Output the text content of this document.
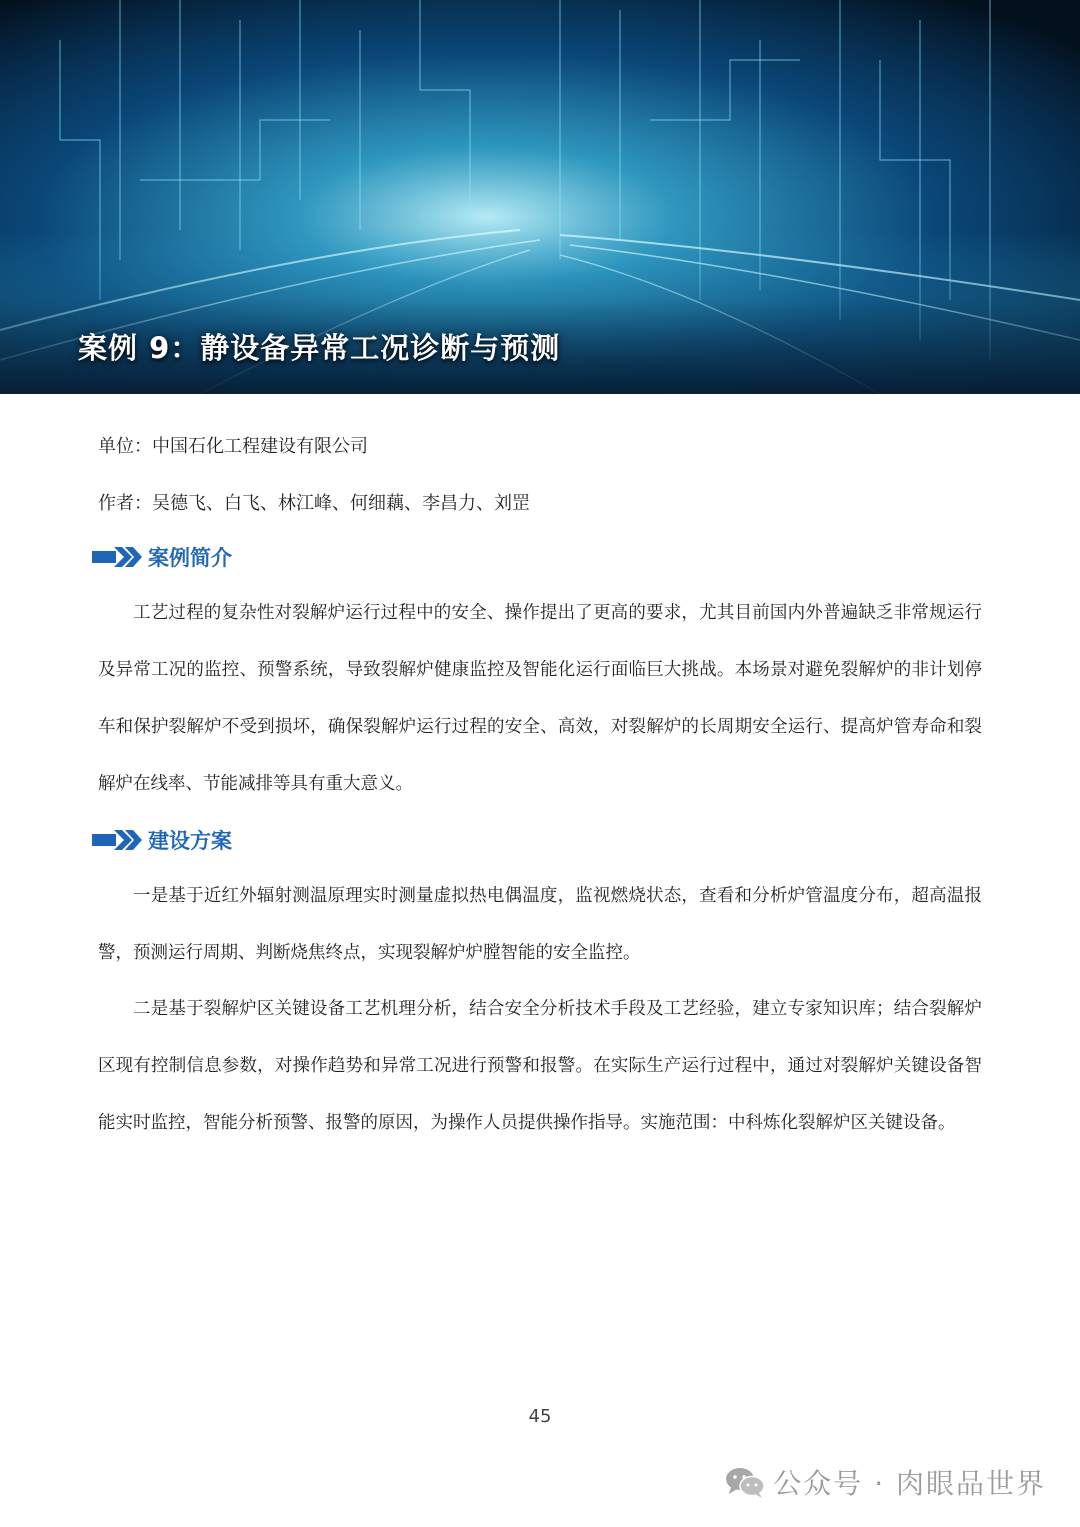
案例 9：静设备异常工况诊断与预测
单位：中国石化工程建设有限公司
作者：吴德飞、白飞、林江峰、何细藕、李昌力、刘罡
案例简介

工艺过程的复杂性对裂解炉运行过程中的安全、操作提出了更高的要求，尤其目前国内外普遍缺乏非常规运行及异常工况的监控、预警系统，导致裂解炉健康监控及智能化运行面临巨大挑战。本场景对避免裂解炉的非计划停车和保护裂解炉不受到损坏，确保裂解炉运行过程的安全、高效，对裂解炉的长周期安全运行、提高炉管寿命和裂解炉在线率、节能减排等具有重大意义。

建设方案

一是基于近红外辐射测温原理实时测量虚拟热电偶温度，监视燃烧状态，查看和分析炉管温度分布，超高温报警，预测运行周期、判断烧焦终点，实现裂解炉炉膛智能的安全监控。

二是基于裂解炉区关键设备工艺机理分析，结合安全分析技术手段及工艺经验，建立专家知识库；结合裂解炉区现有控制信息参数，对操作趋势和异常工况进行预警和报警。在实际生产运行过程中，通过对裂解炉关键设备智能实时监控，智能分析预警、报警的原因，为操作人员提供操作指导。实施范围：中科炼化裂解炉区关键设备。

45
公众号 · 肉眼品世界
